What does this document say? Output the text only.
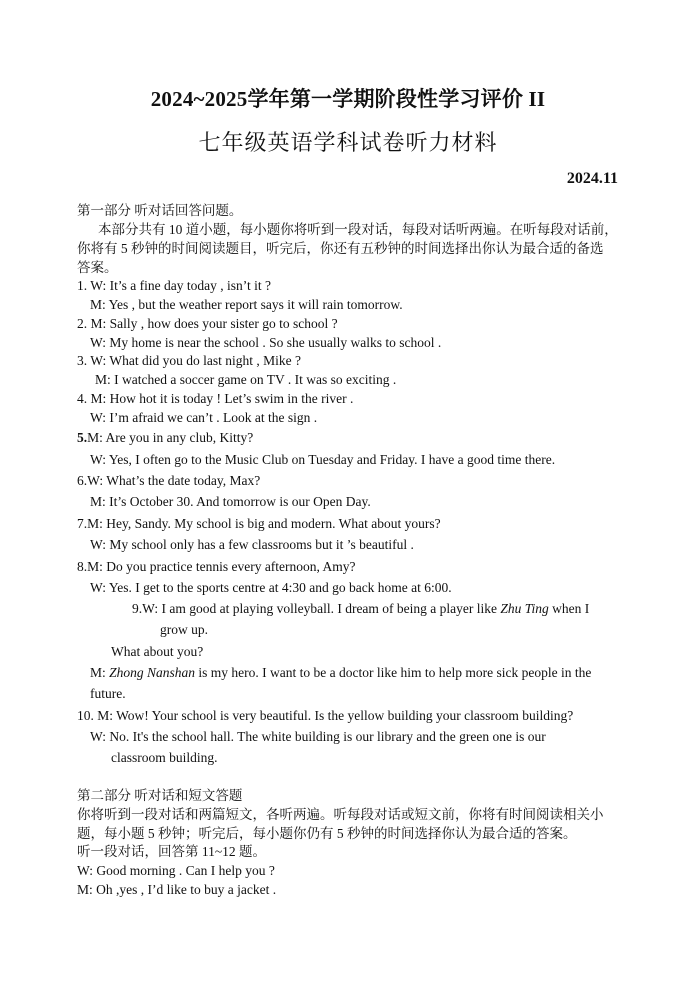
2024~2025学年第一学期阶段性学习评价 II
七年级英语学科试卷听力材料
2024.11
第一部分 听对话回答问题。
本部分共有 10 道小题，每小题你将听到一段对话，每段对话听两遍。在听每段对话前，
你将有 5 秒钟的时间阅读题目，听完后，你还有五秒钟的时间选择出你认为最合适的备选
答案。
1. W: It’s a fine day today , isn’t it ?
M: Yes , but the weather report says it will rain tomorrow.
2. M: Sally , how does your sister go to school ?
W: My home is near the school . So she usually walks to school .
3. W: What did you do last night , Mike ?
M: I watched a soccer game on TV . It was so exciting .
4. M: How hot it is today ! Let’s swim in the river .
W: I’m afraid we can’t . Look at the sign .
5.M: Are you in any club, Kitty?
W: Yes, I often go to the Music Club on Tuesday and Friday. I have a good time there.
6.W: What’s the date today, Max?
M: It’s October 30. And tomorrow is our Open Day.
7.M: Hey, Sandy. My school is big and modern. What about yours?
W: My school only has a few classrooms but it ’s beautiful .
8.M: Do you practice tennis every afternoon, Amy?
W: Yes. I get to the sports centre at 4:30 and go back home at 6:00.
9.W: I am good at playing volleyball. I dream of being a player like Zhu Ting when I
grow up.
What about you?
M: Zhong Nanshan is my hero. I want to be a doctor like him to help more sick people in the
future.
10. M: Wow! Your school is very beautiful. Is the yellow building your classroom building?
W: No. It's the school hall. The white building is our library and the green one is our
classroom building.
第二部分 听对话和短文答题
你将听到一段对话和两篇短文，各听两遍。听每段对话或短文前，你将有时间阅读相关小
题，每小题 5 秒钟；听完后，每小题你仍有 5 秒钟的时间选择你认为最合适的答案。
听一段对话，回答第 11~12 题。
W: Good morning . Can I help you ?
M: Oh ,yes , I’d like to buy a jacket .
